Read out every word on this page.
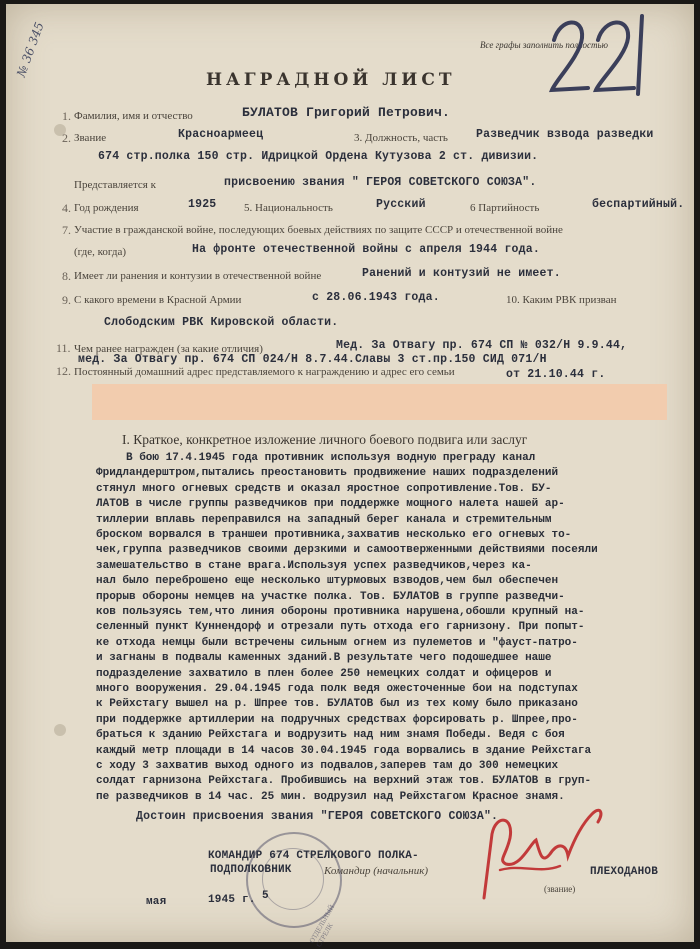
№ 36 345	Все графы заполнить полностью
НАГРАДНОЙ ЛИСТ
1. Фамилия, имя и отчество	БУЛАТОВ Григорий Петрович.
2. Звание	Красноармеец	3. Должность, часть Разведчик взвода разведки
674 стр.полка 150 стр. Идрицкой Ордена Кутузова 2 ст. дивизии.
Представляется к	присвоению звания " ГЕРОЯ СОВЕТСКОГО СОЮЗА".
4. Год рождения	1925	5. Национальность	Русский	6 Партийность	беспартийный.
7. Участие в гражданской войне, последующих боевых действиях по защите СССР и отечественной войне
(где, когда)	На фронте отечественной войны с апреля 1944 года.
8. Имеет ли ранения и контузии в отечественной войне	Ранений и контузий не имеет.
9. С какого времени в Красной Армии	с 28.06.1943 года.	10. Каким РВК призван
Слободским РВК Кировской области.
11. Чем ранее награжден (за какие отличия)	Мед. За Отвагу пр. 674 СП № 032/Н 9.9.44,
мед. За Отвагу пр. 674 СП 024/Н 8.7.44.Славы 3 ст.пр.150 СИД 071/Н
12. Постоянный домашний адрес представляемого к награждению и адрес его семьи	от 21.10.44 г.
I. Краткое, конкретное изложение личного боевого подвига или заслуг
В бою 17.4.1945 года противник используя водную преграду канал
Фридландерштром,пытались преостановить продвижение наших подразделений
стянул много огневых средств и оказал яростное сопротивление.Тов. БУ-
ЛАТОВ в числе группы разведчиков при поддержке мощного налета нашей ар-
тиллерии вплавь переправился на западный берег канала и стремительным
броском ворвался в траншеи противника,захватив несколько его огневых то-
чек,группа разведчиков своими дерзкими и самоотверженными действиями посеяли
замешательство в стане врага.Используя успех разведчиков,через ка-
нал было переброшено еще несколько штурмовых взводов,чем был обеспечен
прорыв обороны немцев на участке полка. Тов. БУЛАТОВ в группе разведчи-
ков пользуясь тем,что линия обороны противника нарушена,обошли крупный на-
селенный пункт Куннендорф и отрезали путь отхода его гарнизону. При попыт-
ке отхода немцы были встречены сильным огнем из пулеметов и "фауст-патро-
и загнаны в подвалы каменных зданий.В результате чего подошедшее наше
подразделение захватило в плен более 250 немецких солдат и офицеров и
много вооружения. 29.04.1945 года полк ведя ожесточенные бои на подступах
к Рейхстагу вышел на р. Шпрее тов. БУЛАТОВ был из тех кому было приказано
при поддержке артиллерии на подручных средствах форсировать р. Шпрее,про-
браться к зданию Рейхстага и водрузить над ним знамя Победы. Ведя с боя
каждый метр площади в 14 часов 30.04.1945 года ворвались в здание Рейхстага
с ходу 3 захватив выход одного из подвалов,заперев там до 300 немецких
солдат гарнизона Рейхстага. Пробившись на верхний этаж тов. БУЛАТОВ в груп-
пе разведчиков в 14 час. 25 мин. водрузил над Рейхстагом Красное знамя.
Достоин присвоения звания "ГЕРОЯ СОВЕТСКОГО СОЮЗА".
ОТДЕЛЬНЫЙ СТРЕЛК
КОМАНДИР 674 СТРЕЛКОВОГО ПОЛКА-
ПОДПОЛКОВНИК	Командир (начальник)
(звание)
ПЛЕХОДАНОВ
мая	1945 г. 5
